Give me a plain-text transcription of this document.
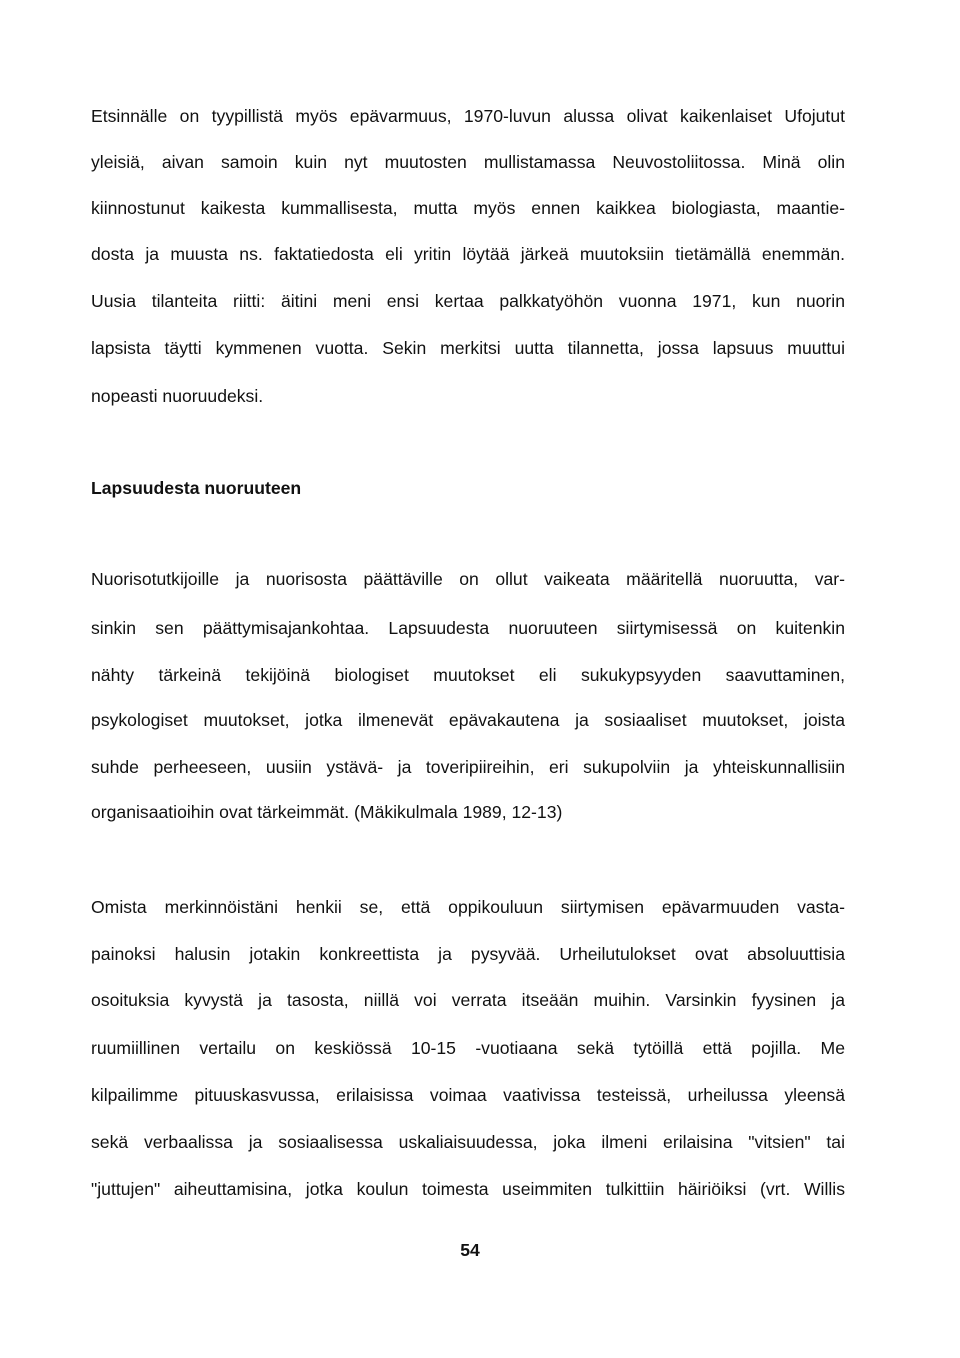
Etsinnälle on tyypillistä myös epävarmuus, 1970-luvun alussa olivat kaikenlaiset Ufojutut

yleisiä, aivan samoin kuin nyt muutosten mullistamassa Neuvostoliitossa. Minä olin

kiinnostunut kaikesta kummallisesta, mutta myös ennen kaikkea biologiasta, maantie-

dosta ja muusta ns. faktatiedosta eli yritin löytää järkeä muutoksiin tietämällä enemmän.

Uusia tilanteita riitti: äitini meni ensi kertaa palkkatyöhön vuonna 1971, kun nuorin

lapsista täytti kymmenen vuotta. Sekin merkitsi uutta tilannetta, jossa lapsuus muuttui

nopeasti nuoruudeksi.

Lapsuudesta nuoruuteen

Nuorisotutkijoille ja nuorisosta päättäville on ollut vaikeata määritellä nuoruutta, var-

sinkin sen päättymisajankohtaa. Lapsuudesta nuoruuteen siirtymisessä on kuitenkin

nähty tärkeinä tekijöinä biologiset muutokset eli sukukypsyyden saavuttaminen,

psykologiset muutokset, jotka ilmenevät epävakautena ja sosiaaliset muutokset, joista

suhde perheeseen, uusiin ystävä- ja toveripiireihin, eri sukupolviin ja yhteiskunnallisiin

organisaatioihin ovat tärkeimmät. (Mäkikulmala 1989, 12-13)

Omista merkinnöistäni henkii se, että oppikouluun siirtymisen epävarmuuden vasta-

painoksi halusin jotakin konkreettista ja pysyvää. Urheilutulokset ovat absoluuttisia

osoituksia kyvystä ja tasosta, niillä voi verrata itseään muihin. Varsinkin fyysinen ja

ruumiillinen vertailu on keskiössä 10-15 -vuotiaana sekä tytöillä että pojilla. Me

kilpailimme pituuskasvussa, erilaisissa voimaa vaativissa testeissä, urheilussa yleensä

sekä verbaalissa ja sosiaalisessa uskaliaisuudessa, joka ilmeni erilaisina "vitsien" tai

"juttujen" aiheuttamisina, jotka koulun toimesta useimmiten tulkittiin häiriöiksi (vrt. Willis

54
